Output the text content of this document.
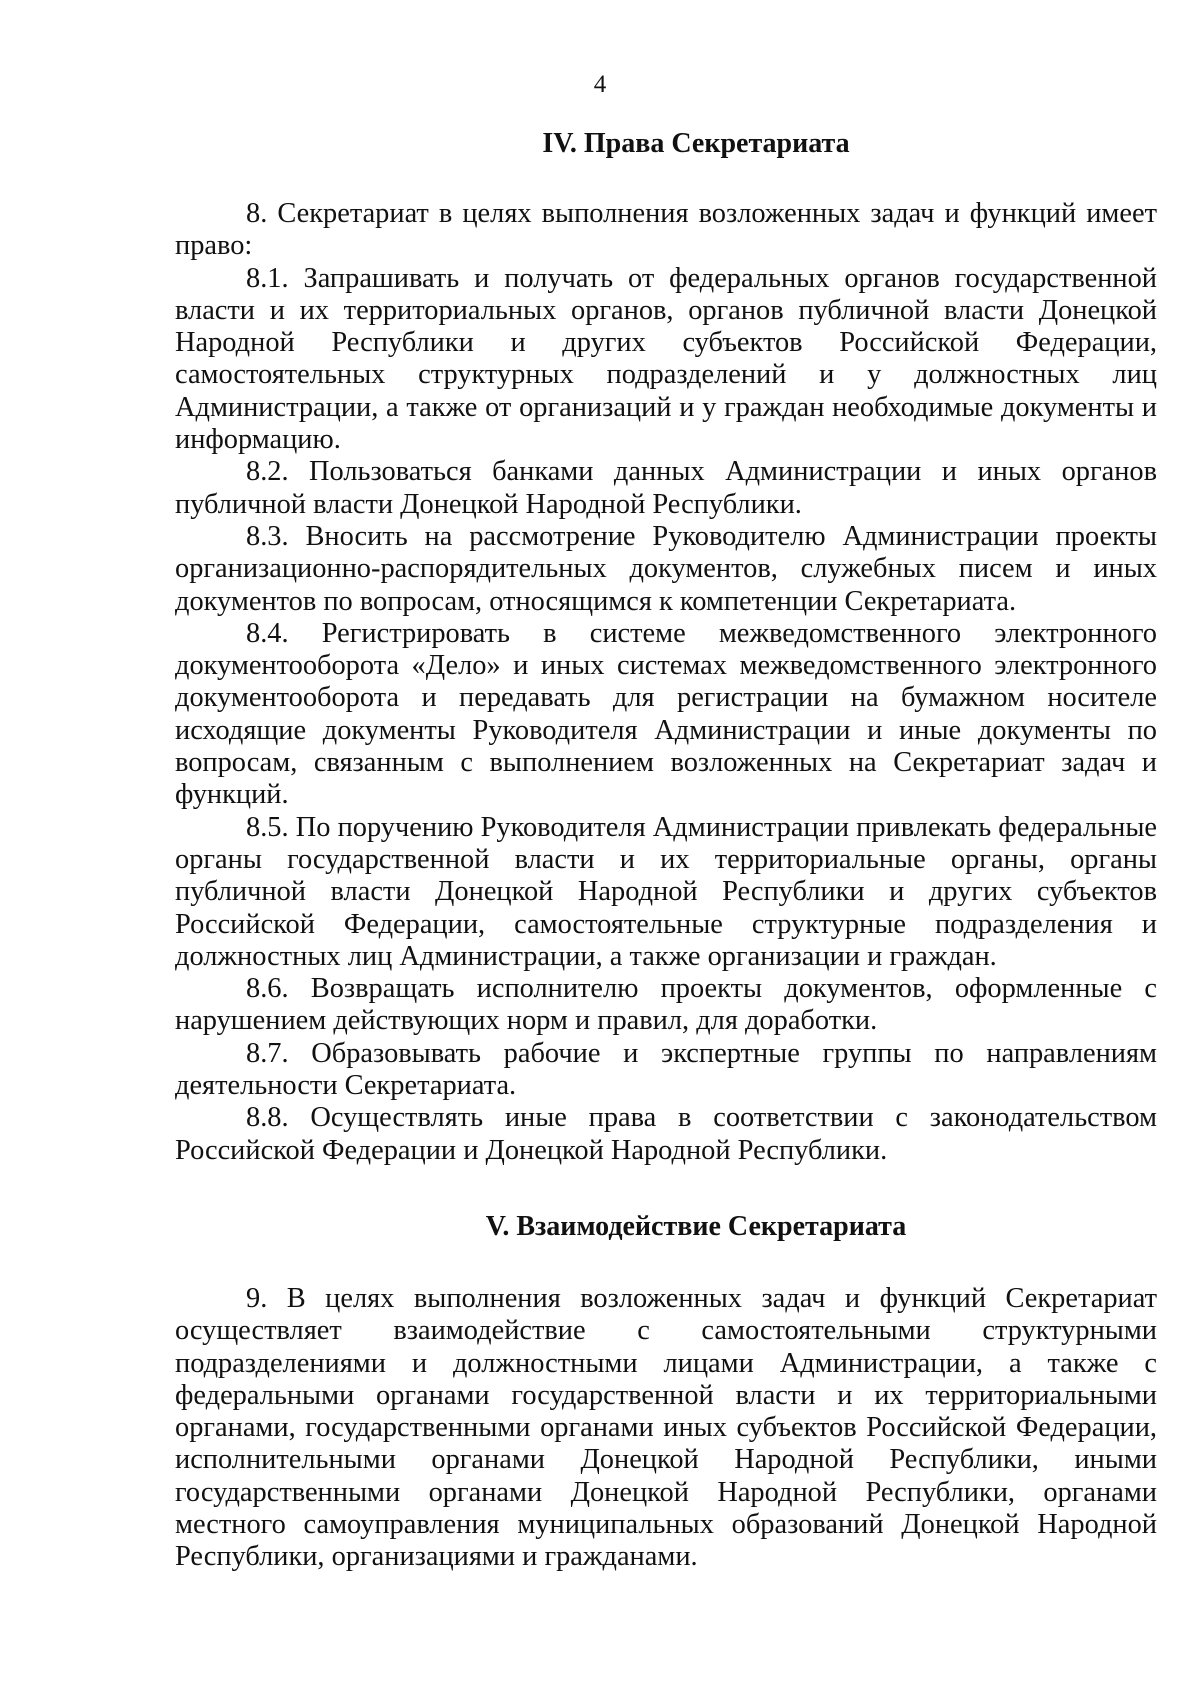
4
IV. Права Секретариата

8. Секретариат в целях выполнения возложенных задач и функций имеет право:

8.1. Запрашивать и получать от федеральных органов государственной власти и их территориальных органов, органов публичной власти Донецкой Народной Республики и других субъектов Российской Федерации, самостоятельных структурных подразделений и у должностных лиц Администрации, а также от организаций и у граждан необходимые документы и информацию.

8.2. Пользоваться банками данных Администрации и иных органов публичной власти Донецкой Народной Республики.

8.3. Вносить на рассмотрение Руководителю Администрации проекты организационно-распорядительных документов, служебных писем и иных документов по вопросам, относящимся к компетенции Секретариата.

8.4. Регистрировать в системе межведомственного электронного документооборота «Дело» и иных системах межведомственного электронного документооборота и передавать для регистрации на бумажном носителе исходящие документы Руководителя Администрации и иные документы по вопросам, связанным с выполнением возложенных на Секретариат задач и функций.

8.5. По поручению Руководителя Администрации привлекать федеральные органы государственной власти и их территориальные органы, органы публичной власти Донецкой Народной Республики и других субъектов Российской Федерации, самостоятельные структурные подразделения и должностных лиц Администрации, а также организации и граждан.

8.6. Возвращать исполнителю проекты документов, оформленные с нарушением действующих норм и правил, для доработки.

8.7. Образовывать рабочие и экспертные группы по направлениям деятельности Секретариата.

8.8. Осуществлять иные права в соответствии с законодательством Российской Федерации и Донецкой Народной Республики.

V. Взаимодействие Секретариата

9. В целях выполнения возложенных задач и функций Секретариат осуществляет взаимодействие с самостоятельными структурными подразделениями и должностными лицами Администрации, а также с федеральными органами государственной власти и их территориальными органами, государственными органами иных субъектов Российской Федерации, исполнительными органами Донецкой Народной Республики, иными государственными органами Донецкой Народной Республики, органами местного самоуправления муниципальных образований Донецкой Народной Республики, организациями и гражданами.
